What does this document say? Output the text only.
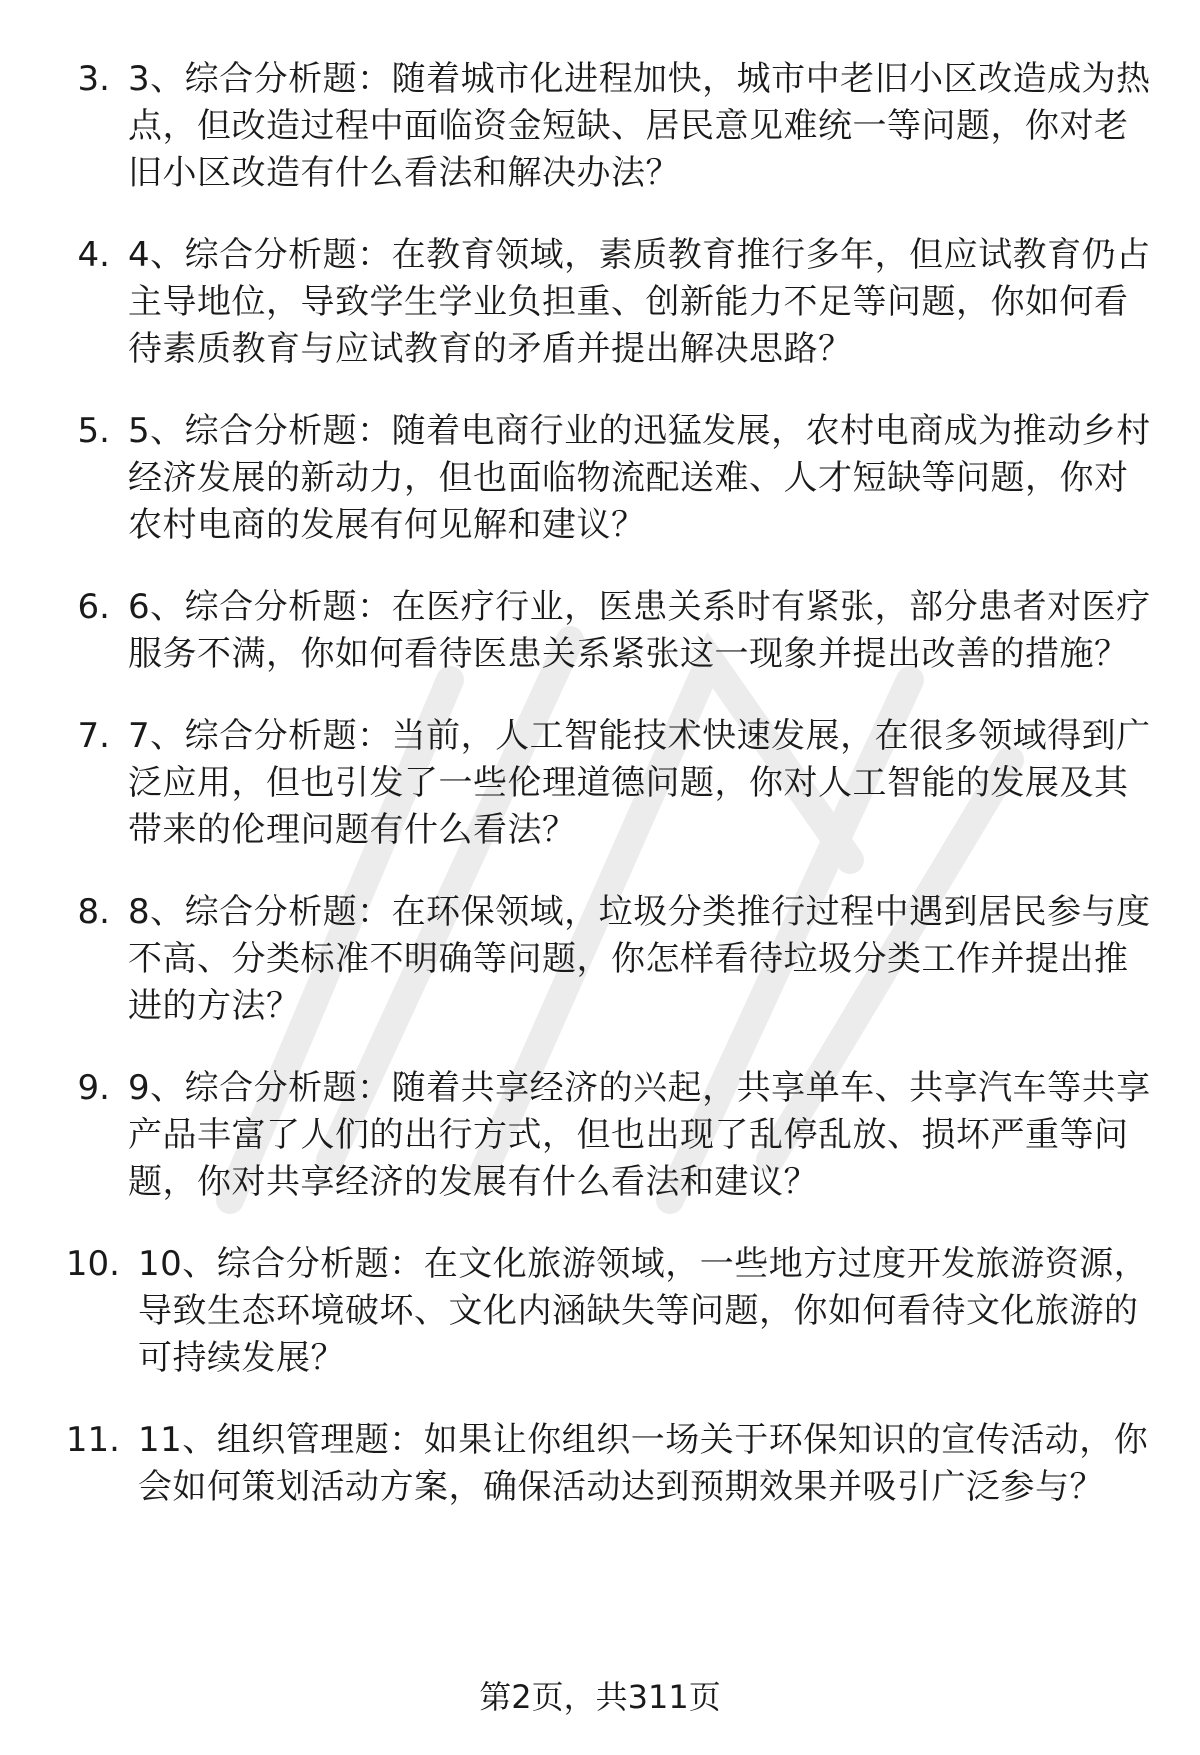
3. 3、综合分析题：随着城市化进程加快，城市中老旧小区改造成为热点，但改造过程中面临资金短缺、居民意见难统一等问题，你对老旧小区改造有什么看法和解决办法？
4. 4、综合分析题：在教育领域，素质教育推行多年，但应试教育仍占主导地位，导致学生学业负担重、创新能力不足等问题，你如何看待素质教育与应试教育的矛盾并提出解决思路？
5. 5、综合分析题：随着电商行业的迅猛发展，农村电商成为推动乡村经济发展的新动力，但也面临物流配送难、人才短缺等问题，你对农村电商的发展有何见解和建议？
6. 6、综合分析题：在医疗行业，医患关系时有紧张，部分患者对医疗服务不满，你如何看待医患关系紧张这一现象并提出改善的措施？
7. 7、综合分析题：当前，人工智能技术快速发展，在很多领域得到广泛应用，但也引发了一些伦理道德问题，你对人工智能的发展及其带来的伦理问题有什么看法？
8. 8、综合分析题：在环保领域，垃圾分类推行过程中遇到居民参与度不高、分类标准不明确等问题，你怎样看待垃圾分类工作并提出推进的方法？
9. 9、综合分析题：随着共享经济的兴起，共享单车、共享汽车等共享产品丰富了人们的出行方式，但也出现了乱停乱放、损坏严重等问题，你对共享经济的发展有什么看法和建议？
10. 10、综合分析题：在文化旅游领域，一些地方过度开发旅游资源，导致生态环境破坏、文化内涵缺失等问题，你如何看待文化旅游的可持续发展？
11. 11、组织管理题：如果让你组织一场关于环保知识的宣传活动，你会如何策划活动方案，确保活动达到预期效果并吸引广泛参与？
第2页，共311页
